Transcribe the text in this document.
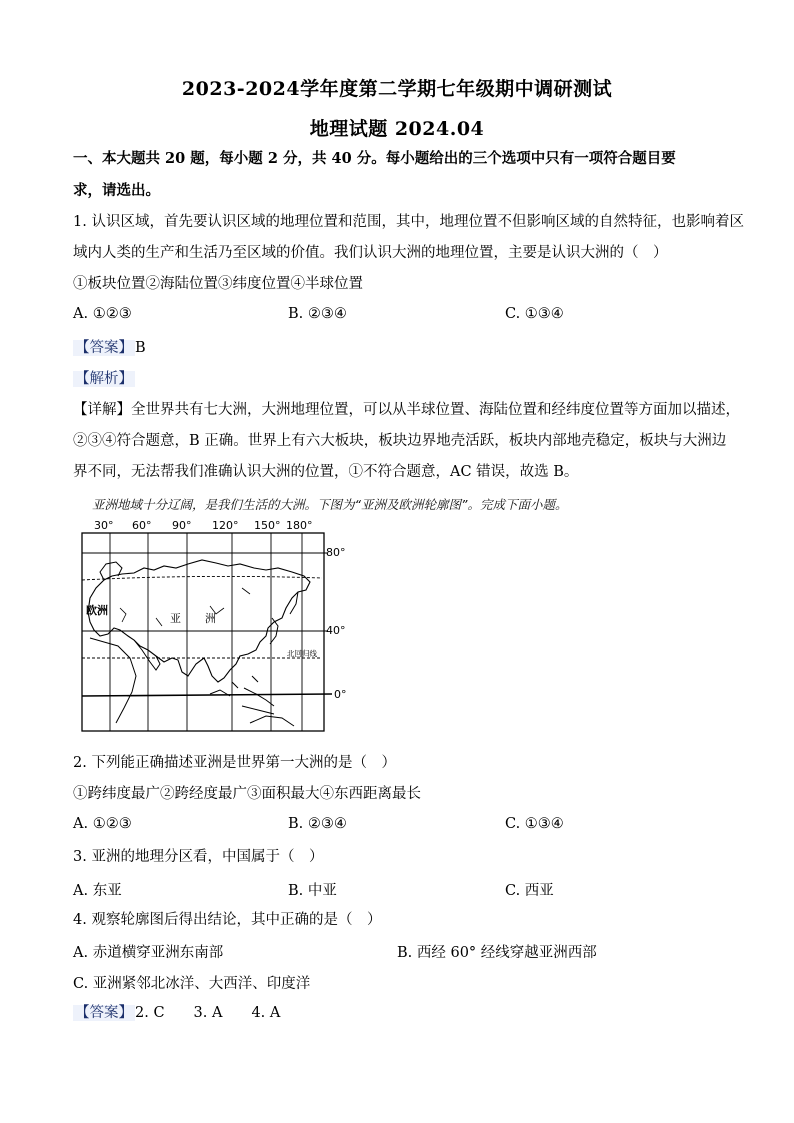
2023-2024学年度第二学期七年级期中调研测试
地理试题 2024.04
一、本大题共 20 题，每小题 2 分，共 40 分。每小题给出的三个选项中只有一项符合题目要
求，请选出。
1. 认识区域，首先要认识区域的地理位置和范围，其中，地理位置不但影响区域的自然特征，也影响着区
域内人类的生产和生活乃至区域的价值。我们认识大洲的地理位置，主要是认识大洲的（　）
①板块位置②海陆位置③纬度位置④半球位置
A. ①②③	B. ②③④	C. ①③④
【答案】 B
【解析】
【详解】全世界共有七大洲，大洲地理位置，可以从半球位置、海陆位置和经纬度位置等方面加以描述，
②③④符合题意，B 正确。世界上有六大板块，板块边界地壳活跃，板块内部地壳稳定，板块与大洲边
界不同，无法帮我们准确认识大洲的位置，①不符合题意，AC 错误，故选 B。
亚洲地域十分辽阔，是我们生活的大洲。下图为“亚洲及欧洲轮廓图”。完成下面小题。
欧洲
亚 洲
北回归线
30° 60° 90° 120° 150° 180°
80°
40°
0°
2. 下列能正确描述亚洲是世界第一大洲的是（　）
①跨纬度最广②跨经度最广③面积最大④东西距离最长
A. ①②③	B. ②③④	C. ①③④
3. 亚洲的地理分区看，中国属于（　）
A. 东亚	B. 中亚	C. 西亚
4. 观察轮廓图后得出结论，其中正确的是（　）
A. 赤道横穿亚洲东南部	B. 西经 60° 经线穿越亚洲西部
C. 亚洲紧邻北冰洋、大西洋、印度洋
【答案】 2. C　　3. A　　4. A
